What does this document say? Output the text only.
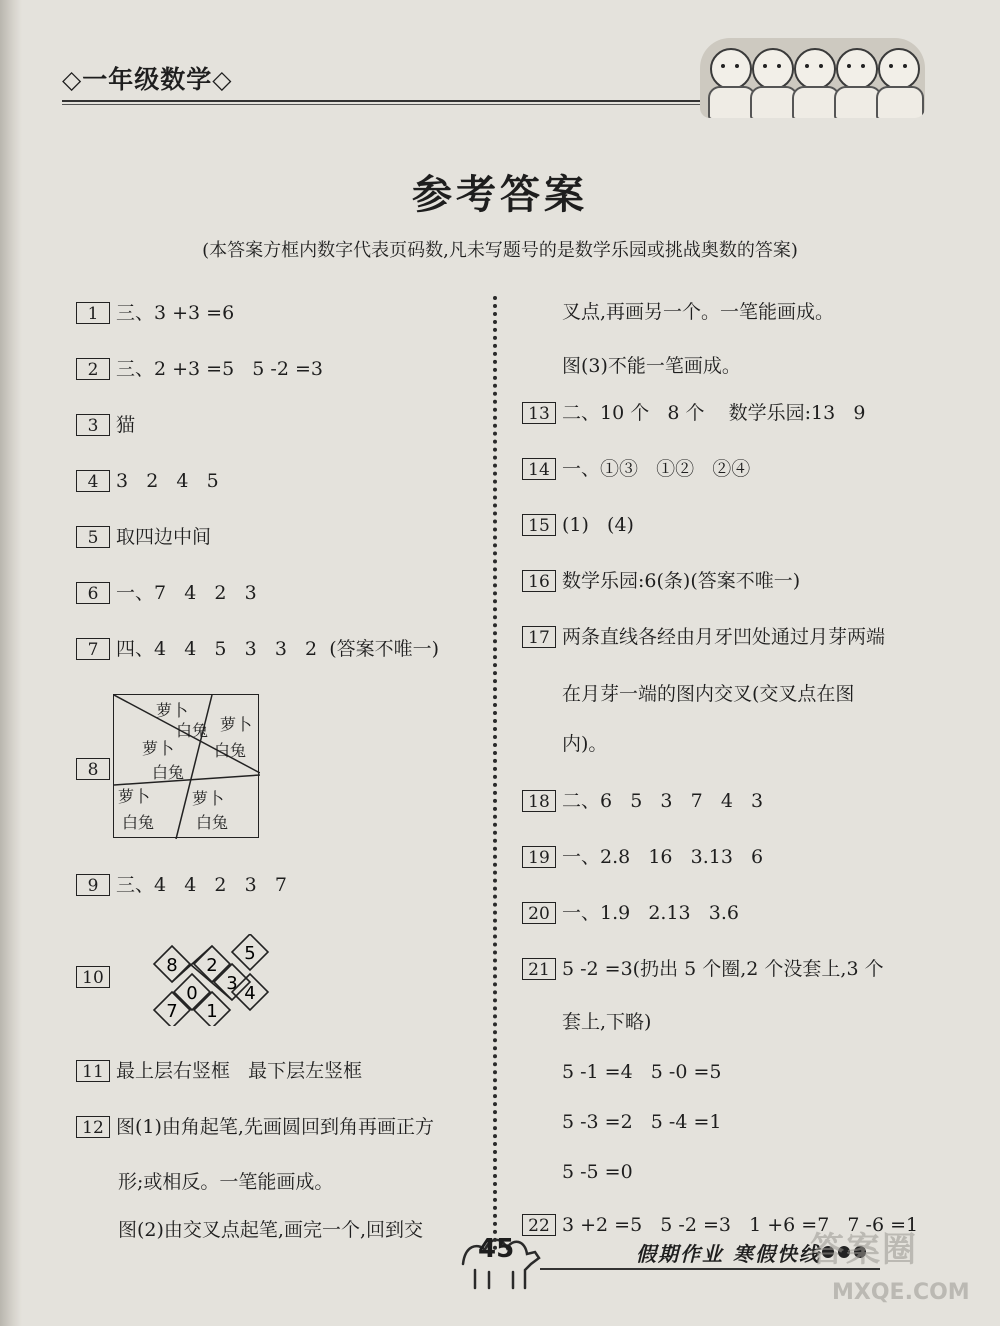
◇一年级数学◇
参考答案
(本答案方框内数字代表页码数,凡未写题号的是数学乐园或挑战奥数的答案)
1 三、3 +3 =6
2 三、2 +3 =5   5 -2 =3
3 猫
4 3   2   4   5
5 取四边中间
6 一、7   4   2   3
7 四、4   4   5   3   3   2  (答案不唯一)
8
萝卜
白兔 萝卜
白兔
萝卜
白兔
萝卜
白兔
萝卜
白兔
9 三、4   4   2   3   7
10
8 2
5
3
0
7 1
4
11 最上层右竖框   最下层左竖框
12 图(1)由角起笔,先画圆回到角再画正方
形;或相反。一笔能画成。
图(2)由交叉点起笔,画完一个,回到交
叉点,再画另一个。一笔能画成。
图(3)不能一笔画成。
13 二、10 个   8 个    数学乐园:13   9
14 一、①③   ①②   ②④
15 (1)   (4)
16 数学乐园:6(条)(答案不唯一)
17 两条直线各经由月牙凹处通过月芽两端
在月芽一端的图内交叉(交叉点在图
内)。
18 二、6   5   3   7   4   3
19 一、2.8   16   3.13   6
20 一、1.9   2.13   3.6
21 5 -2 =3(扔出 5 个圈,2 个没套上,3 个
套上,下略)
5 -1 =4   5 -0 =5
5 -3 =2   5 -4 =1
5 -5 =0
22 3 +2 =5   5 -2 =3   1 +6 =7   7 -6 =1
45	假期作业 寒假快线
答案圈
MXQE.COM
